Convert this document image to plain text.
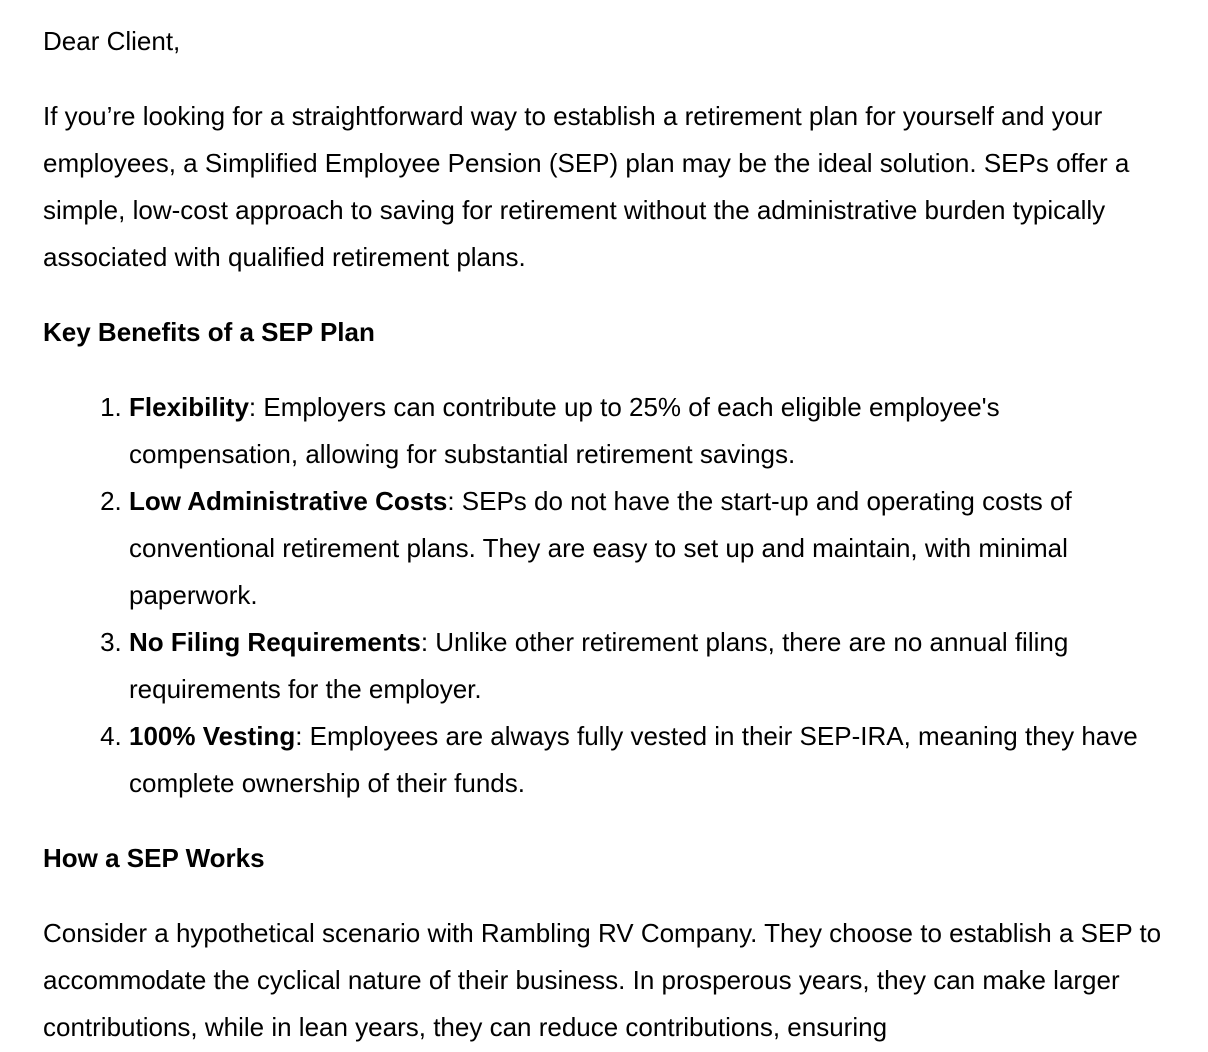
Dear Client,

If you’re looking for a straightforward way to establish a retirement plan for yourself and your employees, a Simplified Employee Pension (SEP) plan may be the ideal solution. SEPs offer a simple, low-cost approach to saving for retirement without the administrative burden typically associated with qualified retirement plans.

Key Benefits of a SEP Plan
1. Flexibility: Employers can contribute up to 25% of each eligible employee's compensation, allowing for substantial retirement savings.
2. Low Administrative Costs: SEPs do not have the start-up and operating costs of conventional retirement plans. They are easy to set up and maintain, with minimal paperwork.
3. No Filing Requirements: Unlike other retirement plans, there are no annual filing requirements for the employer.
4. 100% Vesting: Employees are always fully vested in their SEP-IRA, meaning they have complete ownership of their funds.
How a SEP Works

Consider a hypothetical scenario with Rambling RV Company. They choose to establish a SEP to accommodate the cyclical nature of their business. In prosperous years, they can make larger contributions, while in lean years, they can reduce contributions, ensuring
